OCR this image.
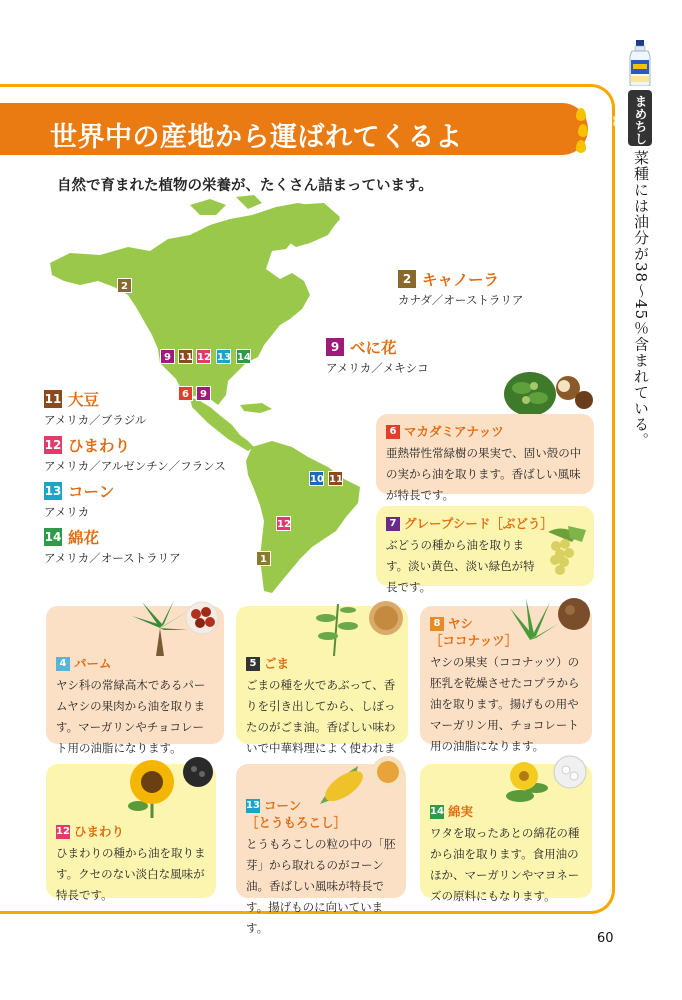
世界中の産地から運ばれてくるよ
自然で育まれた植物の栄養が、たくさん詰まっています。
まめちしき
菜種には油分が38〜45％含まれている。
2
9 11 12 13 14
6	9
10 11
12
1
2 キャノーラ
カナダ／オーストラリア
9 べに花
アメリカ／メキシコ
11 大豆
アメリカ／ブラジル
12 ひまわり
アメリカ／アルゼンチン／フランス
13 コーン
アメリカ
14 綿花
アメリカ／オーストラリア
6 マカダミアナッツ
亜熱帯性常緑樹の果実で、固い殻の中の実から油を取ります。香ばしい風味が特長です。
7 グレープシード［ぶどう］
ぶどうの種から油を取ります。淡い黄色、淡い緑色が特長です。
4 パーム
ヤシ科の常緑高木であるパームヤシの果肉から油を取ります。マーガリンやチョコレート用の油脂になります。
5 ごま
ごまの種を火であぶって、香りを引き出してから、しぼったのがごま油。香ばしい味わいで中華料理によく使われま
8 ヤシ
［ココナッツ］
ヤシの果実（ココナッツ）の胚乳を乾燥させたコプラから油を取ります。揚げもの用やマーガリン用、チョコレート用の油脂になります。
12 ひまわり
ひまわりの種から油を取ります。クセのない淡白な風味が特長です。
13 コーン
［とうもろこし］
とうもろこしの粒の中の「胚芽」から取れるのがコーン油。香ばしい風味が特長です。揚げものに向いています。
14 綿実
ワタを取ったあとの綿花の種から油を取ります。食用油のほか、マーガリンやマヨネーズの原料にもなります。
60
